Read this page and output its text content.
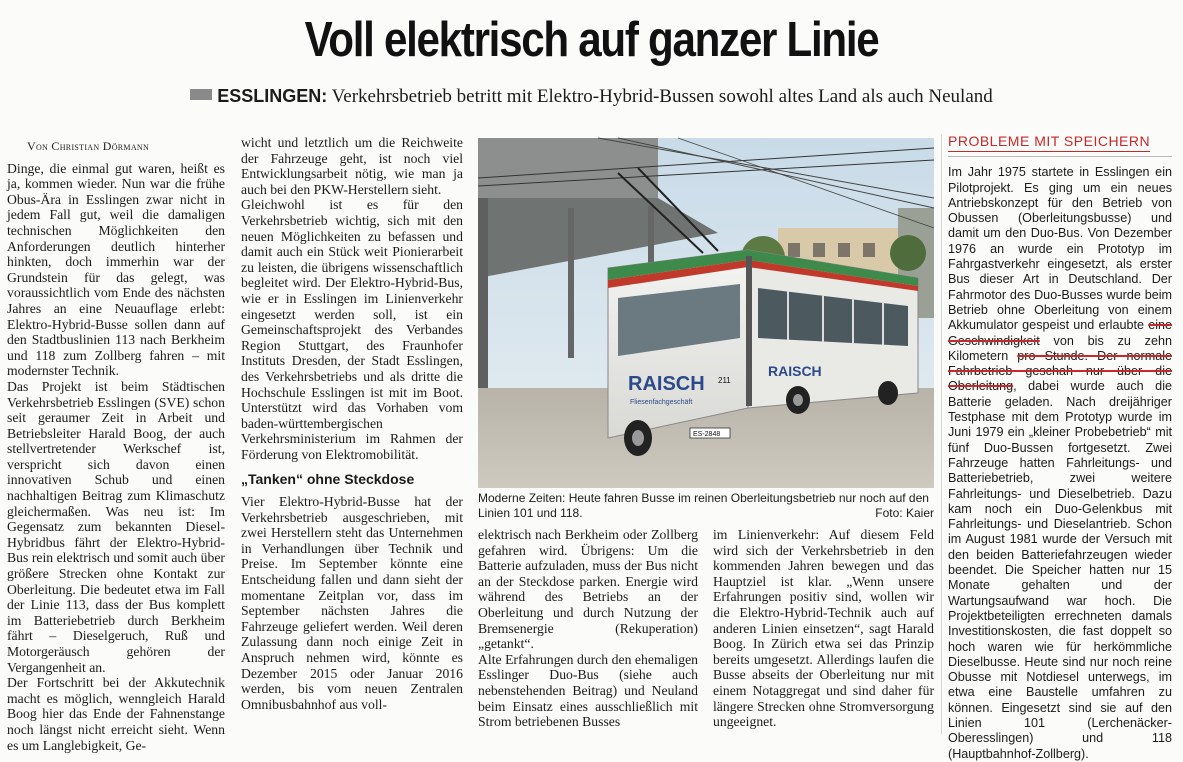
Voll elektrisch auf ganzer Linie
ESSLINGEN: Verkehrsbetrieb betritt mit Elektro-Hybrid-Bussen sowohl altes Land als auch Neuland

Von Christian Dörmann

Dinge, die einmal gut waren, heißt es ja, kommen wieder. Nun war die frühe Obus-Ära in Esslingen zwar nicht in jedem Fall gut, weil die damaligen technischen Möglichkeiten den Anforderungen deutlich hinterher hinkten, doch immerhin war der Grundstein für das gelegt, was voraussichtlich vom Ende des nächsten Jahres an eine Neuauflage erlebt: Elektro-Hybrid-Busse sollen dann auf den Stadtbuslinien 113 nach Berkheim und 118 zum Zollberg fahren – mit modernster Technik.

Das Projekt ist beim Städtischen Verkehrsbetrieb Esslingen (SVE) schon seit geraumer Zeit in Arbeit und Betriebsleiter Harald Boog, der auch stellvertretender Werkschef ist, verspricht sich davon einen innovativen Schub und einen nachhaltigen Beitrag zum Klimaschutz gleichermaßen. Was neu ist: Im Gegensatz zum bekannten Diesel-Hybridbus fährt der Elektro-Hybrid-Bus rein elektrisch und somit auch über größere Strecken ohne Kontakt zur Oberleitung. Die bedeutet etwa im Fall der Linie 113, dass der Bus komplett im Batteriebetrieb durch Berkheim fährt – Dieselgeruch, Ruß und Motorgeräusch gehören der Vergangenheit an.

Der Fortschritt bei der Akkutechnik macht es möglich, wenngleich Harald Boog hier das Ende der Fahnenstange noch längst nicht erreicht sieht. Wenn es um Langlebigkeit, Ge-

wicht und letztlich um die Reichweite der Fahrzeuge geht, ist noch viel Entwicklungsarbeit nötig, wie man ja auch bei den PKW-Herstellern sieht.

Gleichwohl ist es für den Verkehrsbetrieb wichtig, sich mit den neuen Möglichkeiten zu befassen und damit auch ein Stück weit Pionierarbeit zu leisten, die übrigens wissenschaftlich begleitet wird. Der Elektro-Hybrid-Bus, wie er in Esslingen im Linienverkehr eingesetzt werden soll, ist ein Gemeinschaftsprojekt des Verbandes Region Stuttgart, des Fraunhofer Instituts Dresden, der Stadt Esslingen, des Verkehrsbetriebs und als dritte die Hochschule Esslingen ist mit im Boot. Unterstützt wird das Vorhaben vom baden-württembergischen Verkehrsministerium im Rahmen der Förderung von Elektromobilität.

„Tanken“ ohne Steckdose

Vier Elektro-Hybrid-Busse hat der Verkehrsbetrieb ausgeschrieben, mit zwei Herstellern steht das Unternehmen in Verhandlungen über Technik und Preise. Im September könnte eine Entscheidung fallen und dann sieht der momentane Zeitplan vor, dass im September nächsten Jahres die Fahrzeuge geliefert werden. Weil deren Zulassung dann noch einige Zeit in Anspruch nehmen wird, könnte es Dezember 2015 oder Januar 2016 werden, bis vom neuen Zentralen Omnibusbahnhof aus voll-

RAISCH
Fliesenfachgeschäft
RAISCH
211
ES-2848
Moderne Zeiten: Heute fahren Busse im reinen Oberleitungsbetrieb nur noch auf den Linien 101 und 118.	Foto: Kaier

elektrisch nach Berkheim oder Zollberg gefahren wird. Übrigens: Um die Batterie aufzuladen, muss der Bus nicht an der Steckdose parken. Energie wird während des Betriebs an der Oberleitung und durch Nutzung der Bremsenergie (Rekuperation) „getankt“.

Alte Erfahrungen durch den ehemaligen Esslinger Duo-Bus (siehe auch nebenstehenden Beitrag) und Neuland beim Einsatz eines ausschließlich mit Strom betriebenen Busses

im Linienverkehr: Auf diesem Feld wird sich der Verkehrsbetrieb in den kommenden Jahren bewegen und das Hauptziel ist klar. „Wenn unsere Erfahrungen positiv sind, wollen wir die Elektro-Hybrid-Technik auch auf anderen Linien einsetzen“, sagt Harald Boog. In Zürich etwa sei das Prinzip bereits umgesetzt. Allerdings laufen die Busse abseits der Oberleitung nur mit einem Notaggregat und sind daher für längere Strecken ohne Stromversorgung ungeeignet.

PROBLEME MIT SPEICHERN

Im Jahr 1975 startete in Esslingen ein Pilotprojekt. Es ging um ein neues Antriebskonzept für den Betrieb von Obussen (Oberleitungsbusse) und damit um den Duo-Bus. Von Dezember 1976 an wurde ein Prototyp im Fahrgastverkehr eingesetzt, als erster Bus dieser Art in Deutschland. Der Fahrmotor des Duo-Busses wurde beim Betrieb ohne Oberleitung von einem Akkumulator gespeist und erlaubte eine Geschwindigkeit von bis zu zehn Kilometern pro Stunde. Der normale Fahrbetrieb geschah nur über die Oberleitung, dabei wurde auch die Batterie geladen. Nach dreijähriger Testphase mit dem Prototyp wurde im Juni 1979 ein „kleiner Probebetrieb“ mit fünf Duo-Bussen fortgesetzt. Zwei Fahrzeuge hatten Fahrleitungs- und Batteriebetrieb, zwei weitere Fahrleitungs- und Dieselbetrieb. Dazu kam noch ein Duo-Gelenkbus mit Fahrleitungs- und Dieselantrieb. Schon im August 1981 wurde der Versuch mit den beiden Batteriefahrzeugen wieder beendet. Die Speicher hatten nur 15 Monate gehalten und der Wartungsaufwand war hoch. Die Projektbeteiligten errechneten damals Investitionskosten, die fast doppelt so hoch waren wie für herkömmliche Dieselbusse. Heute sind nur noch reine Obusse mit Notdiesel unterwegs, im etwa eine Baustelle umfahren zu können. Eingesetzt sind sie auf den Linien 101 (Lerchenäcker-Oberesslingen) und 118 (Hauptbahnhof-Zollberg).
